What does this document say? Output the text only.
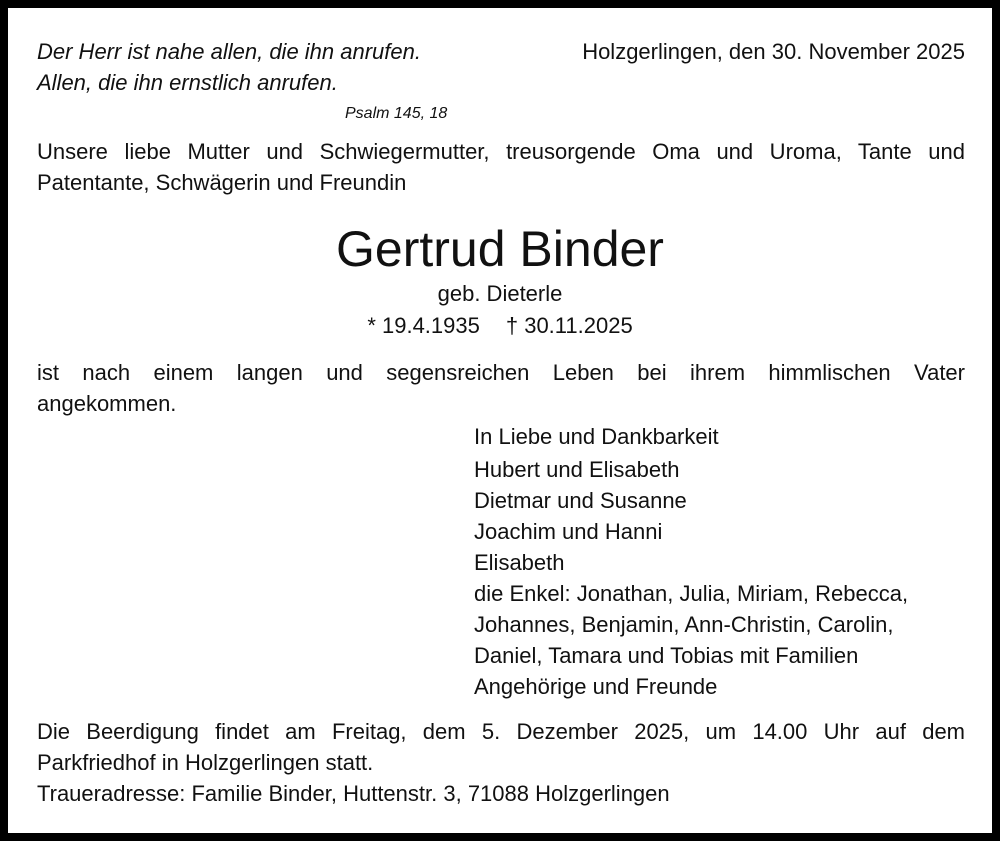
Der Herr ist nahe allen, die ihn anrufen.
Allen, die ihn ernstlich anrufen.
Psalm 145, 18
Holzgerlingen, den 30. November 2025
Unsere liebe Mutter und Schwiegermutter, treusorgende Oma und Uroma, Tante und
Patentante, Schwägerin und Freundin
Gertrud Binder
geb. Dieterle
* 19.4.1935 † 30.11.2025
ist nach einem langen und segensreichen Leben bei ihrem himmlischen Vater
angekommen.
In Liebe und Dankbarkeit
Hubert und Elisabeth
Dietmar und Susanne
Joachim und Hanni
Elisabeth
die Enkel: Jonathan, Julia, Miriam, Rebecca,
Johannes, Benjamin, Ann-Christin, Carolin,
Daniel, Tamara und Tobias mit Familien
Angehörige und Freunde
Die Beerdigung findet am Freitag, dem 5. Dezember 2025, um 14.00 Uhr auf dem
Parkfriedhof in Holzgerlingen statt.
Traueradresse: Familie Binder, Huttenstr. 3, 71088 Holzgerlingen
